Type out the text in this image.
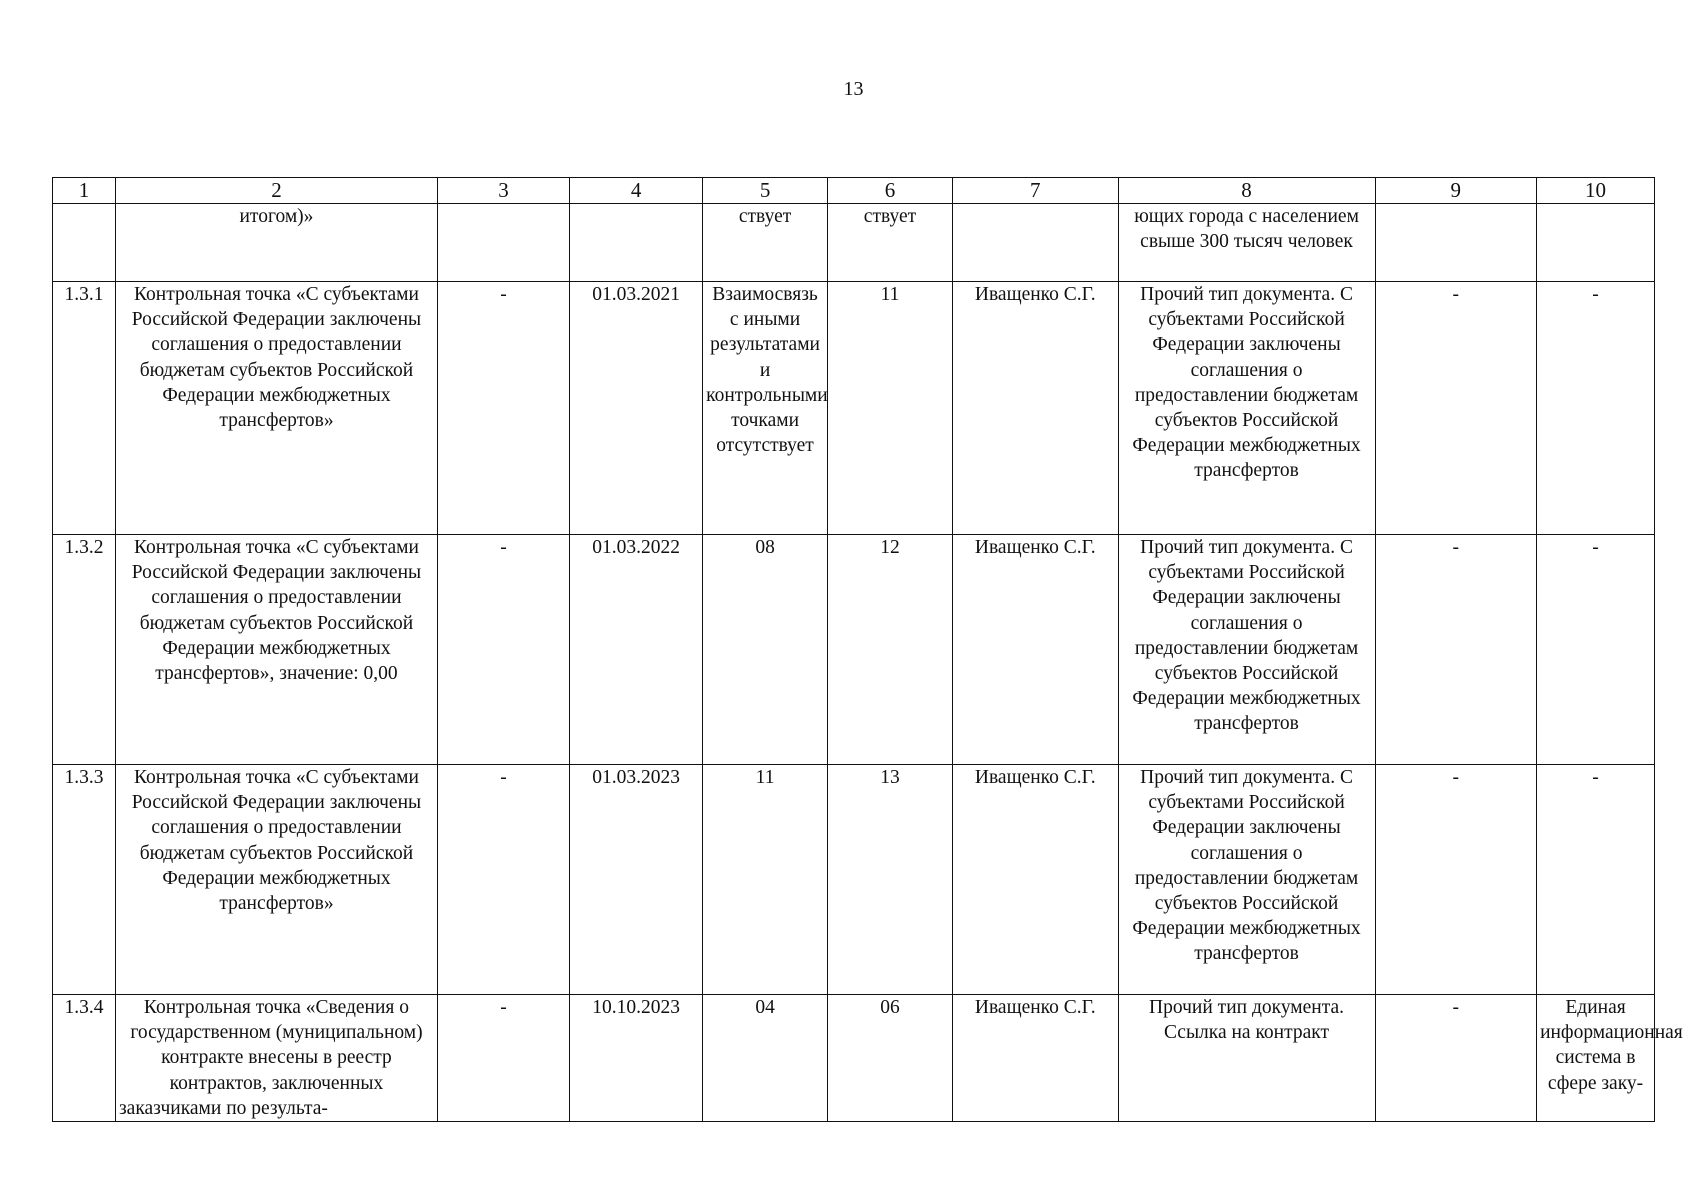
13
1	2	3	4	5	6	7	8	9	10
	итогом)»			ствует	ствует		ющих города с населением свыше 300 тысяч человек		
1.3.1	Контрольная точка «С субъектами Российской Федерации заключены соглашения о предоставлении бюджетам субъектов Российской Федерации межбюджетных трансфертов»	-	01.03.2021	Взаимосвязь с иными результатами и контрольными точками отсутствует	11	Иващенко С.Г.	Прочий тип документа. С субъектами Российской Федерации заключены соглашения о предоставлении бюджетам субъектов Российской Федерации межбюджетных трансфертов	-	-
1.3.2	Контрольная точка «С субъектами Российской Федерации заключены соглашения о предоставлении бюджетам субъектов Российской Федерации межбюджетных трансфертов», значение: 0,00	-	01.03.2022	08	12	Иващенко С.Г.	Прочий тип документа. С субъектами Российской Федерации заключены соглашения о предоставлении бюджетам субъектов Российской Федерации межбюджетных трансфертов	-	-
1.3.3	Контрольная точка «С субъектами Российской Федерации заключены соглашения о предоставлении бюджетам субъектов Российской Федерации межбюджетных трансфертов»	-	01.03.2023	11	13	Иващенко С.Г.	Прочий тип документа. С субъектами Российской Федерации заключены соглашения о предоставлении бюджетам субъектов Российской Федерации межбюджетных трансфертов	-	-
1.3.4	Контрольная точка «Сведения о государственном (муниципальном) контракте внесены в реестр контрактов, заключенных заказчиками по результа-	-	10.10.2023	04	06	Иващенко С.Г.	Прочий тип документа. Ссылка на контракт	-	Единая информационная система в сфере заку-
